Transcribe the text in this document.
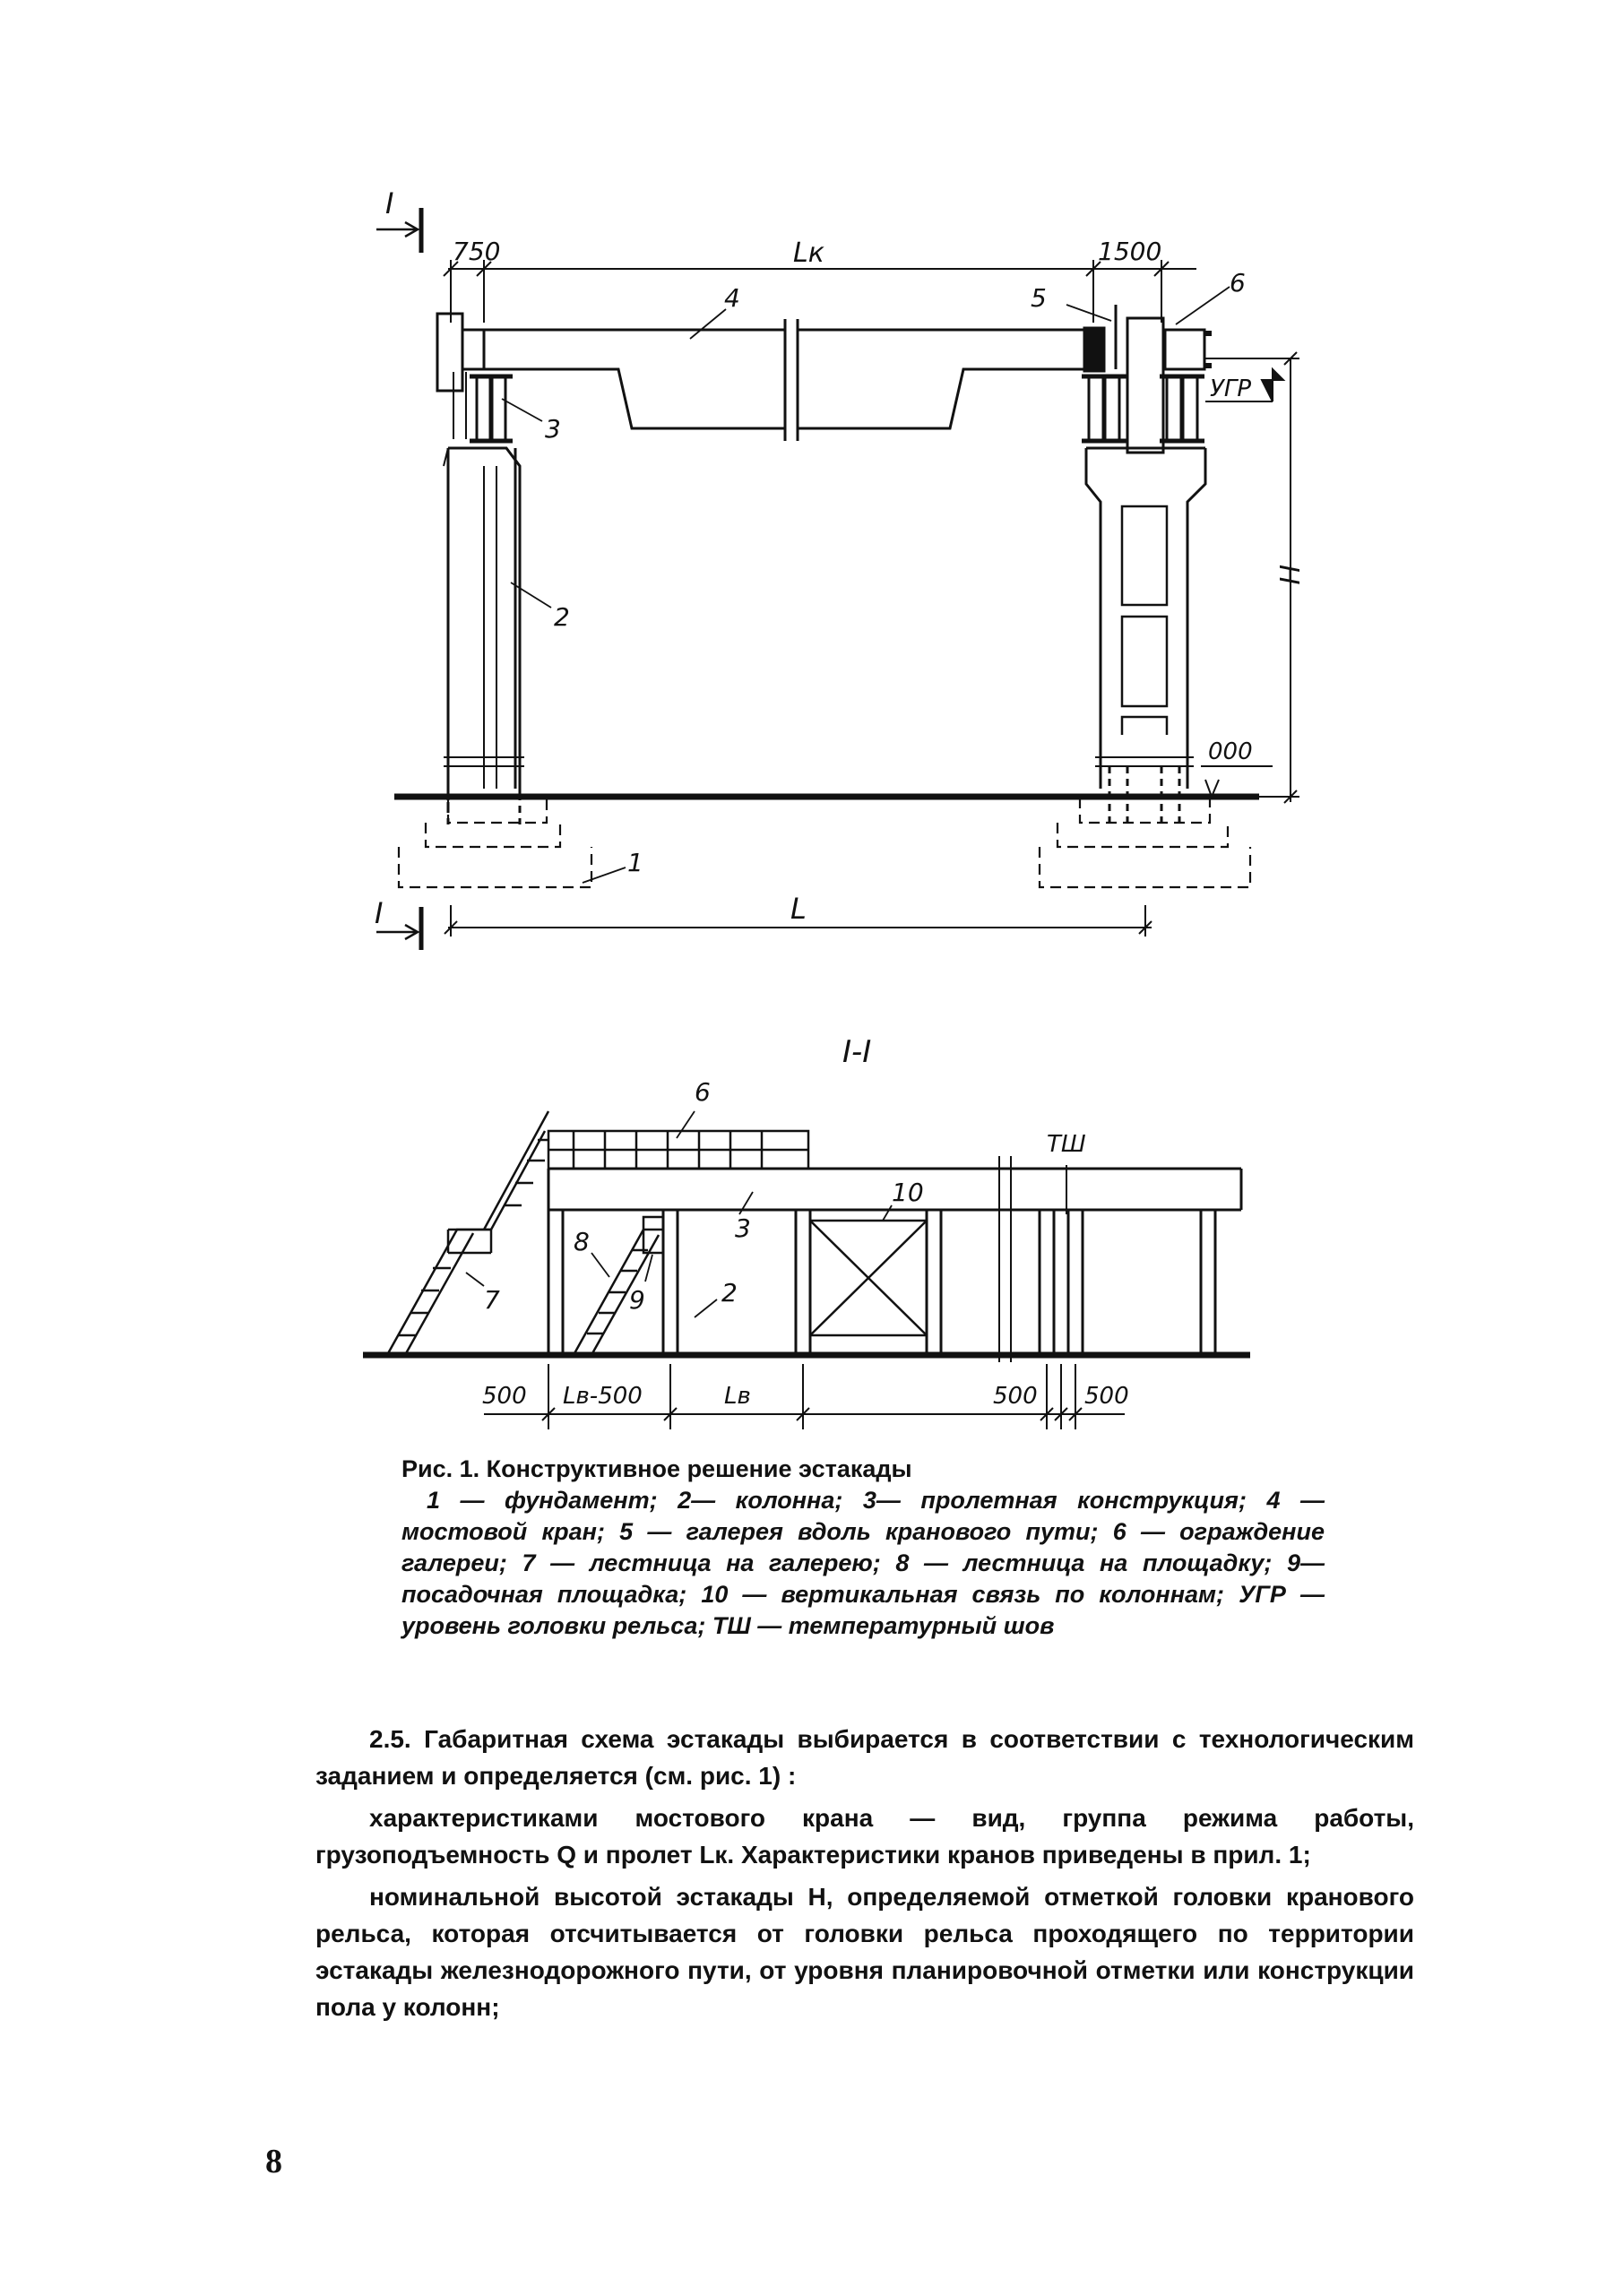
I
I
750	Lк	1500
L
H
УГР
000
4	5
6
3
2
1
I-I
500 Lв-500	Lв	500 500
6
ТШ
10
3
2
8
9
7
Рис. 1. Конструктивное решение эстакады
1 — фундамент; 2— колонна; 3— пролетная конструкция; 4 — мостовой кран; 5 — галерея вдоль кранового пути; 6 — ограждение галереи; 7 — лестница на галерею; 8 — лестница на площадку; 9— посадочная площадка; 10 — вертикальная связь по колоннам; УГР — уровень головки рельса; ТШ — температурный шов

2.5. Габаритная схема эстакады выбирается в соответствии с технологическим заданием и определяется (см. рис. 1) :

характеристиками мостового крана — вид, группа режима работы, грузоподъемность Q и пролет Lк. Характеристики кранов приведены в прил. 1;

номинальной высотой эстакады H, определяемой отметкой головки кранового рельса, которая отсчитывается от головки рельса проходящего по территории эстакады железнодорожного пути, от уровня планировочной отметки или конструкции пола у колонн;

8
